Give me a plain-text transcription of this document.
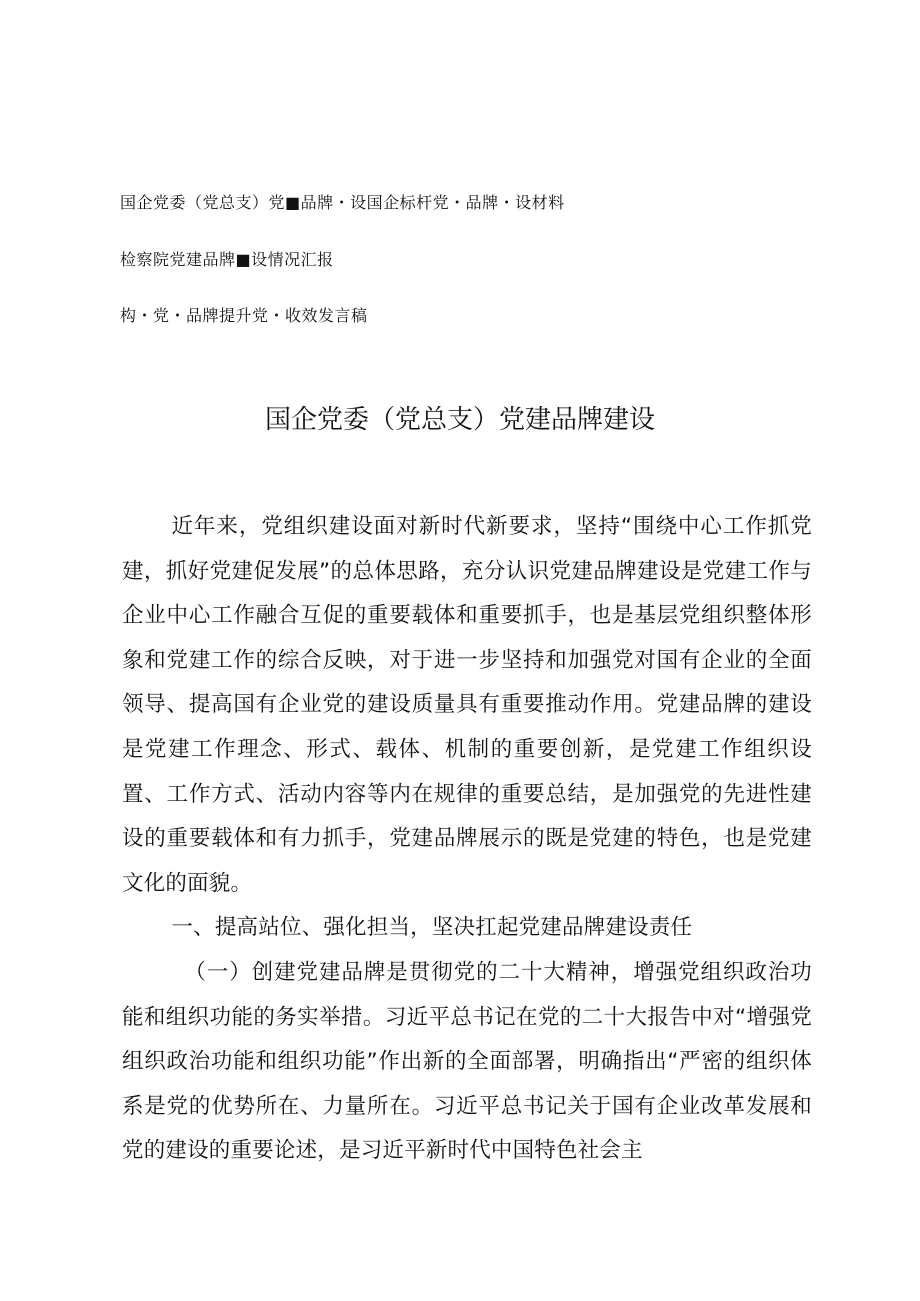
国企党委（党总支）党■品牌・设国企标杆党・品牌・设材料
检察院党建品牌■设情况汇报
构・党・品牌提升党・收效发言稿
国企党委（党总支）党建品牌建设

近年来，党组织建设面对新时代新要求，坚持“围绕中心工作抓党建，抓好党建促发展”的总体思路，充分认识党建品牌建设是党建工作与企业中心工作融合互促的重要载体和重要抓手，也是基层党组织整体形象和党建工作的综合反映，对于进一步坚持和加强党对国有企业的全面领导、提高国有企业党的建设质量具有重要推动作用。党建品牌的建设是党建工作理念、形式、载体、机制的重要创新，是党建工作组织设置、工作方式、活动内容等内在规律的重要总结，是加强党的先进性建设的重要载体和有力抓手，党建品牌展示的既是党建的特色，也是党建文化的面貌。

一、提高站位、强化担当，坚决扛起党建品牌建设责任

（一）创建党建品牌是贯彻党的二十大精神，增强党组织政治功能和组织功能的务实举措。习近平总书记在党的二十大报告中对“增强党组织政治功能和组织功能”作出新的全面部署，明确指出“严密的组织体系是党的优势所在、力量所在。习近平总书记关于国有企业改革发展和党的建设的重要论述，是习近平新时代中国特色社会主
